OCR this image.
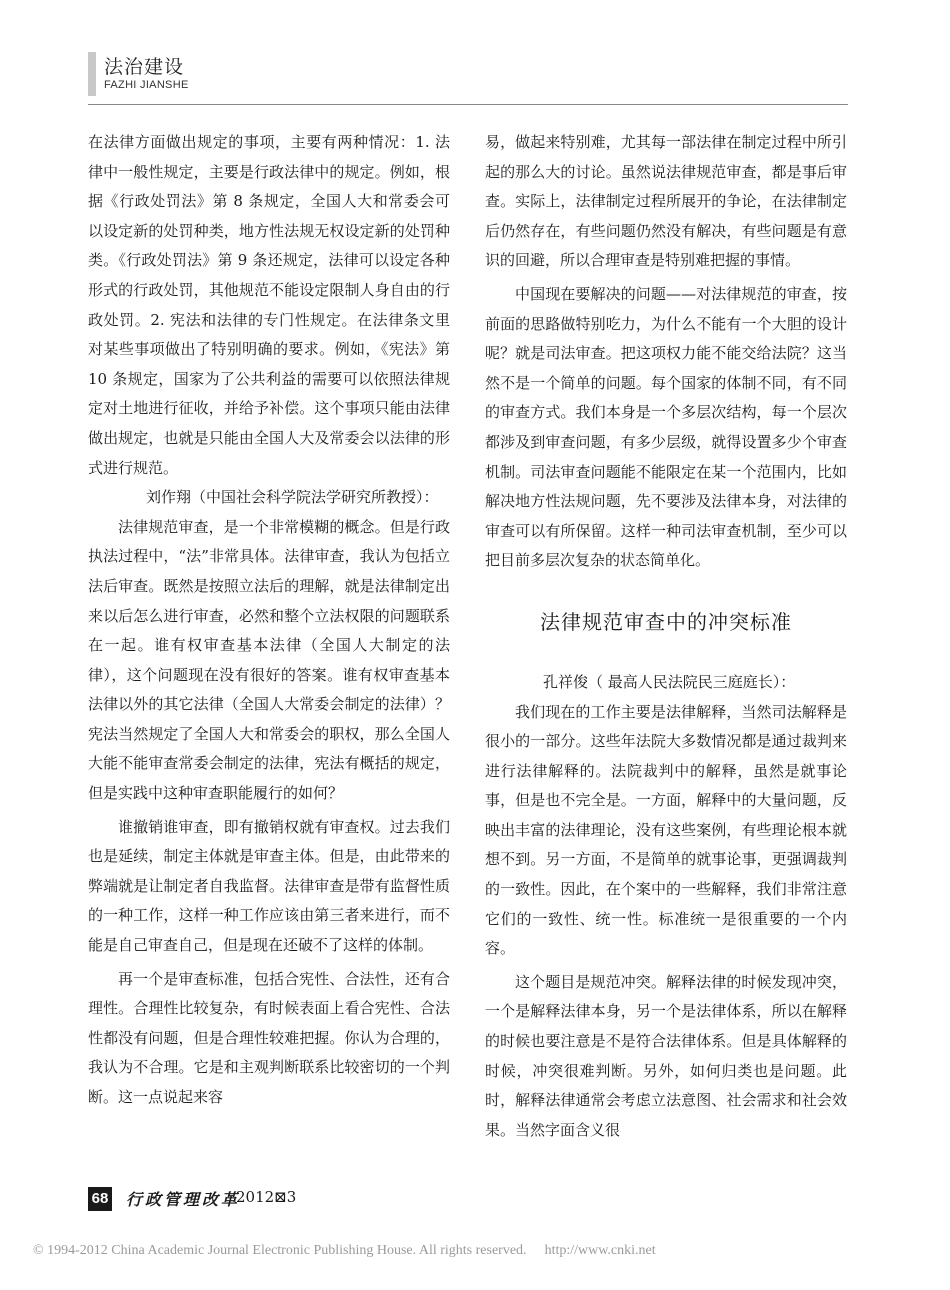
法治建设
FAZHI JIANSHE

在法律方面做出规定的事项，主要有两种情况：1. 法律中一般性规定，主要是行政法律中的规定。例如，根据《行政处罚法》第 8 条规定，全国人大和常委会可以设定新的处罚种类，地方性法规无权设定新的处罚种类。《行政处罚法》第 9 条还规定，法律可以设定各种形式的行政处罚，其他规范不能设定限制人身自由的行政处罚。2. 宪法和法律的专门性规定。在法律条文里对某些事项做出了特别明确的要求。例如，《宪法》第 10 条规定，国家为了公共利益的需要可以依照法律规定对土地进行征收，并给予补偿。这个事项只能由法律做出规定，也就是只能由全国人大及常委会以法律的形式进行规范。

刘作翔（中国社会科学院法学研究所教授）：

法律规范审查，是一个非常模糊的概念。但是行政执法过程中，“法”非常具体。法律审查，我认为包括立法后审查。既然是按照立法后的理解，就是法律制定出来以后怎么进行审查，必然和整个立法权限的问题联系在一起。谁有权审查基本法律（全国人大制定的法律），这个问题现在没有很好的答案。谁有权审查基本法律以外的其它法律（全国人大常委会制定的法律）？宪法当然规定了全国人大和常委会的职权，那么全国人大能不能审查常委会制定的法律，宪法有概括的规定，但是实践中这种审查职能履行的如何？

谁撤销谁审查，即有撤销权就有审查权。过去我们也是延续，制定主体就是审查主体。但是，由此带来的弊端就是让制定者自我监督。法律审查是带有监督性质的一种工作，这样一种工作应该由第三者来进行，而不能是自己审查自己，但是现在还破不了这样的体制。

再一个是审查标准，包括合宪性、合法性，还有合理性。合理性比较复杂，有时候表面上看合宪性、合法性都没有问题，但是合理性较难把握。你认为合理的，我认为不合理。它是和主观判断联系比较密切的一个判断。这一点说起来容

易，做起来特别难，尤其每一部法律在制定过程中所引起的那么大的讨论。虽然说法律规范审查，都是事后审查。实际上，法律制定过程所展开的争论，在法律制定后仍然存在，有些问题仍然没有解决，有些问题是有意识的回避，所以合理审查是特别难把握的事情。

中国现在要解决的问题——对法律规范的审查，按前面的思路做特别吃力，为什么不能有一个大胆的设计呢？就是司法审查。把这项权力能不能交给法院？这当然不是一个简单的问题。每个国家的体制不同，有不同的审查方式。我们本身是一个多层次结构，每一个层次都涉及到审查问题，有多少层级，就得设置多少个审查机制。司法审查问题能不能限定在某一个范围内，比如解决地方性法规问题，先不要涉及法律本身，对法律的审查可以有所保留。这样一种司法审查机制，至少可以把目前多层次复杂的状态简单化。

法律规范审查中的冲突标准

孔祥俊（ 最高人民法院民三庭庭长）：

我们现在的工作主要是法律解释，当然司法解释是很小的一部分。这些年法院大多数情况都是通过裁判来进行法律解释的。法院裁判中的解释，虽然是就事论事，但是也不完全是。一方面，解释中的大量问题，反映出丰富的法律理论，没有这些案例，有些理论根本就想不到。另一方面，不是简单的就事论事，更强调裁判的一致性。因此，在个案中的一些解释，我们非常注意它们的一致性、统一性。标准统一是很重要的一个内容。

这个题目是规范冲突。解释法律的时候发现冲突，一个是解释法律本身，另一个是法律体系，所以在解释的时候也要注意是不是符合法律体系。但是具体解释的时候，冲突很难判断。另外，如何归类也是问题。此时，解释法律通常会考虑立法意图、社会需求和社会效果。当然字面含义很

68 行政管理改革
2012⊠3
© 1994-2012 China Academic Journal Electronic Publishing House. All rights reserved. http://www.cnki.net
